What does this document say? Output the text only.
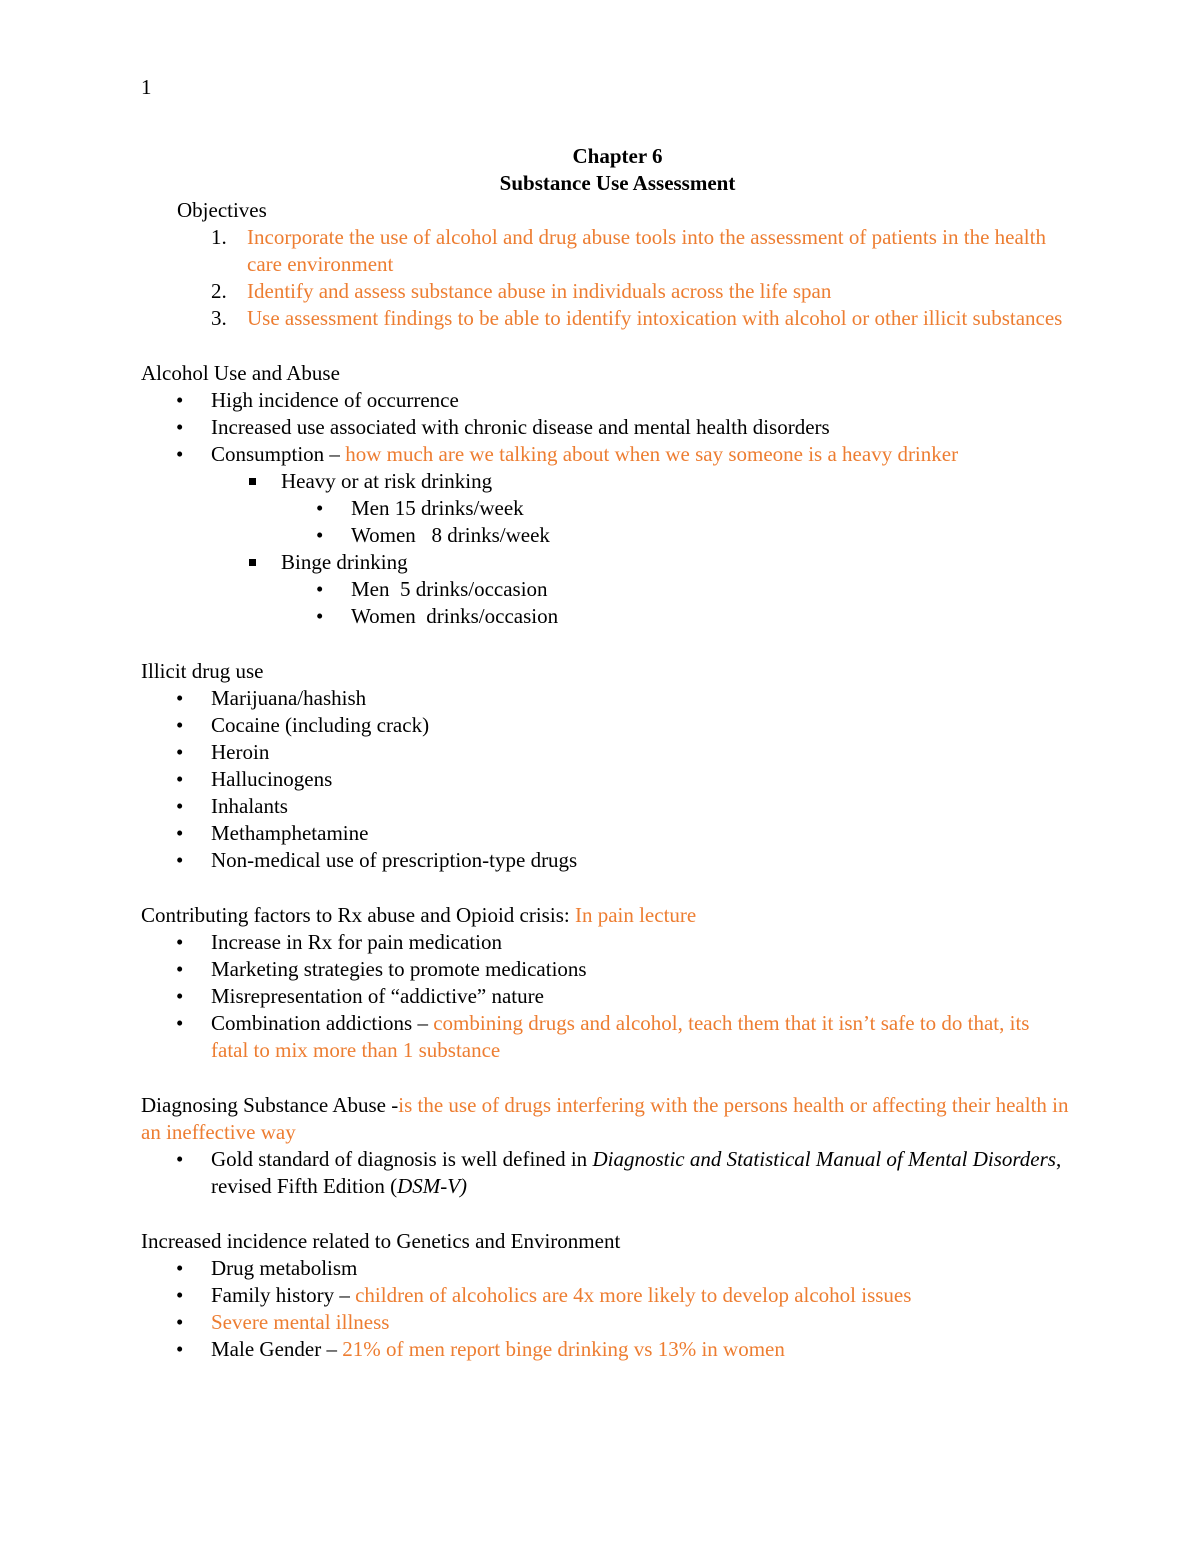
1
Chapter 6
Substance Use Assessment
Objectives
1. Incorporate the use of alcohol and drug abuse tools into the assessment of patients in the health care environment
2. Identify and assess substance abuse in individuals across the life span
3. Use assessment findings to be able to identify intoxication with alcohol or other illicit substances
Alcohol Use and Abuse
• High incidence of occurrence
• Increased use associated with chronic disease and mental health disorders
• Consumption – how much are we talking about when we say someone is a heavy drinker
Heavy or at risk drinking
• Men 15 drinks/week
• Women   8 drinks/week
Binge drinking
• Men  5 drinks/occasion
• Women  drinks/occasion
Illicit drug use
• Marijuana/hashish
• Cocaine (including crack)
• Heroin
• Hallucinogens
• Inhalants
• Methamphetamine
• Non-medical use of prescription-type drugs
Contributing factors to Rx abuse and Opioid crisis: In pain lecture
• Increase in Rx for pain medication
• Marketing strategies to promote medications
• Misrepresentation of “addictive” nature
• Combination addictions – combining drugs and alcohol, teach them that it isn’t safe to do that, its fatal to mix more than 1 substance
Diagnosing Substance Abuse -is the use of drugs interfering with the persons health or affecting their health in an ineffective way
• Gold standard of diagnosis is well defined in Diagnostic and Statistical Manual of Mental Disorders, revised Fifth Edition (DSM-V)
Increased incidence related to Genetics and Environment
• Drug metabolism
• Family history – children of alcoholics are 4x more likely to develop alcohol issues
• Severe mental illness
• Male Gender – 21% of men report binge drinking vs 13% in women
